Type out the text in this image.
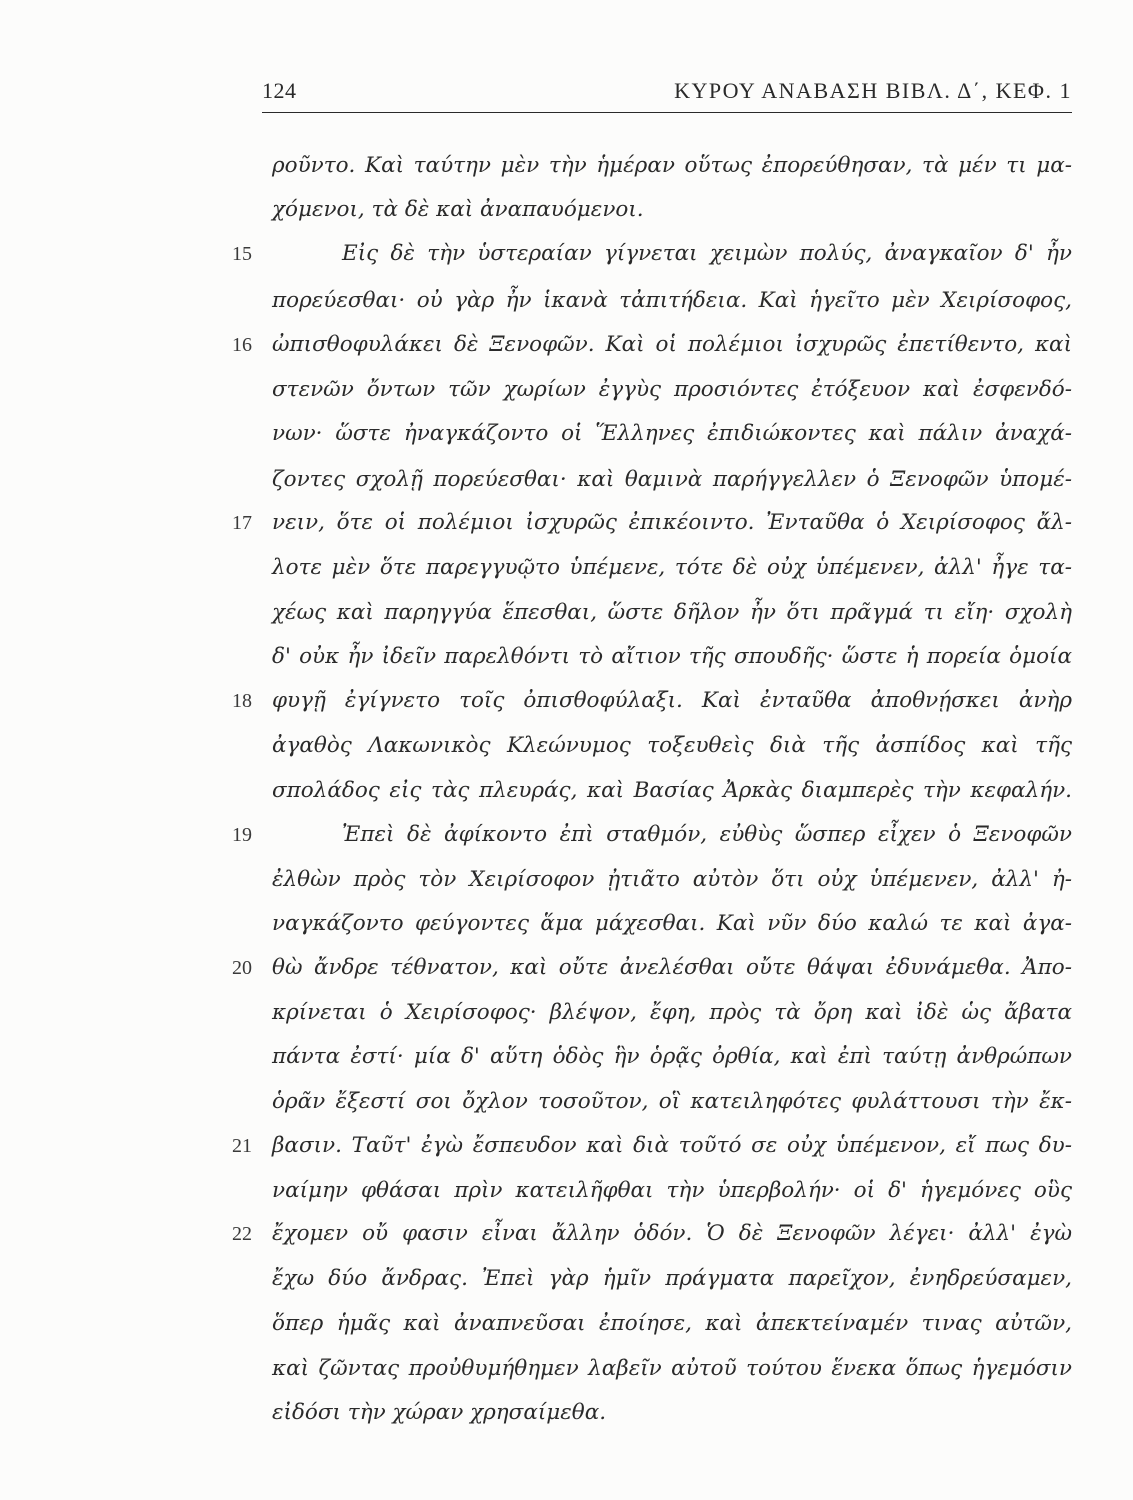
124	ΚΥΡΟΥ ΑΝΑΒΑΣΗ ΒΙΒΛ. Δ΄, ΚΕΦ. 1
ροῦντο. Καὶ ταύτην μὲν τὴν ἡμέραν οὕτως ἐπορεύθησαν, τὰ μέν τι μα-
χόμενοι, τὰ δὲ καὶ ἀναπαυόμενοι.
15	Εἰς δὲ τὴν ὑστεραίαν γίγνεται χειμὼν πολύς, ἀναγκαῖον δ' ἦν
πορεύεσθαι· οὐ γὰρ ἦν ἱκανὰ τἀπιτήδεια. Καὶ ἡγεῖτο μὲν Χειρίσοφος,
16 ὠπισθοφυλάκει δὲ Ξενοφῶν. Καὶ οἱ πολέμιοι ἰσχυρῶς ἐπετίθεντο, καὶ
στενῶν ὄντων τῶν χωρίων ἐγγὺς προσιόντες ἐτόξευον καὶ ἐσφενδό-
νων· ὥστε ἠναγκάζοντο οἱ Ἕλληνες ἐπιδιώκοντες καὶ πάλιν ἀναχά-
ζοντες σχολῇ πορεύεσθαι· καὶ θαμινὰ παρήγγελλεν ὁ Ξενοφῶν ὑπομέ-
17 νειν, ὅτε οἱ πολέμιοι ἰσχυρῶς ἐπικέοιντο. Ἐνταῦθα ὁ Χειρίσοφος ἄλ-
λοτε μὲν ὅτε παρεγγυῷτο ὑπέμενε, τότε δὲ οὐχ ὑπέμενεν, ἀλλ' ἦγε τα-
χέως καὶ παρηγγύα ἕπεσθαι, ὥστε δῆλον ἦν ὅτι πρᾶγμά τι εἴη· σχολὴ
δ' οὐκ ἦν ἰδεῖν παρελθόντι τὸ αἴτιον τῆς σπουδῆς· ὥστε ἡ πορεία ὁμοία
18 φυγῇ ἐγίγνετο τοῖς ὀπισθοφύλαξι. Καὶ ἐνταῦθα ἀποθνῄσκει ἀνὴρ
ἀγαθὸς Λακωνικὸς Κλεώνυμος τοξευθεὶς διὰ τῆς ἀσπίδος καὶ τῆς
σπολάδος εἰς τὰς πλευράς, καὶ Βασίας Ἀρκὰς διαμπερὲς τὴν κεφαλήν.
19	Ἐπεὶ δὲ ἀφίκοντο ἐπὶ σταθμόν, εὐθὺς ὥσπερ εἶχεν ὁ Ξενοφῶν
ἐλθὼν πρὸς τὸν Χειρίσοφον ᾐτιᾶτο αὐτὸν ὅτι οὐχ ὑπέμενεν, ἀλλ' ἠ-
ναγκάζοντο φεύγοντες ἅμα μάχεσθαι. Καὶ νῦν δύο καλώ τε καὶ ἀγα-
20 θὼ ἄνδρε τέθνατον, καὶ οὔτε ἀνελέσθαι οὔτε θάψαι ἐδυνάμεθα. Ἀπο-
κρίνεται ὁ Χειρίσοφος· βλέψον, ἔφη, πρὸς τὰ ὄρη καὶ ἰδὲ ὡς ἄβατα
πάντα ἐστί· μία δ' αὕτη ὁδὸς ἣν ὁρᾷς ὀρθία, καὶ ἐπὶ ταύτῃ ἀνθρώπων
ὁρᾶν ἔξεστί σοι ὄχλον τοσοῦτον, οἳ κατειληφότες φυλάττουσι τὴν ἔκ-
21 βασιν. Ταῦτ' ἐγὼ ἔσπευδον καὶ διὰ τοῦτό σε οὐχ ὑπέμενον, εἴ πως δυ-
ναίμην φθάσαι πρὶν κατειλῆφθαι τὴν ὑπερβολήν· οἱ δ' ἡγεμόνες οὓς
22 ἔχομεν οὔ φασιν εἶναι ἄλλην ὁδόν. Ὁ δὲ Ξενοφῶν λέγει· ἀλλ' ἐγὼ
ἔχω δύο ἄνδρας. Ἐπεὶ γὰρ ἡμῖν πράγματα παρεῖχον, ἐνηδρεύσαμεν,
ὅπερ ἡμᾶς καὶ ἀναπνεῦσαι ἐποίησε, καὶ ἀπεκτείναμέν τινας αὐτῶν,
καὶ ζῶντας προὐθυμήθημεν λαβεῖν αὐτοῦ τούτου ἕνεκα ὅπως ἡγεμόσιν
εἰδόσι τὴν χώραν χρησαίμεθα.
